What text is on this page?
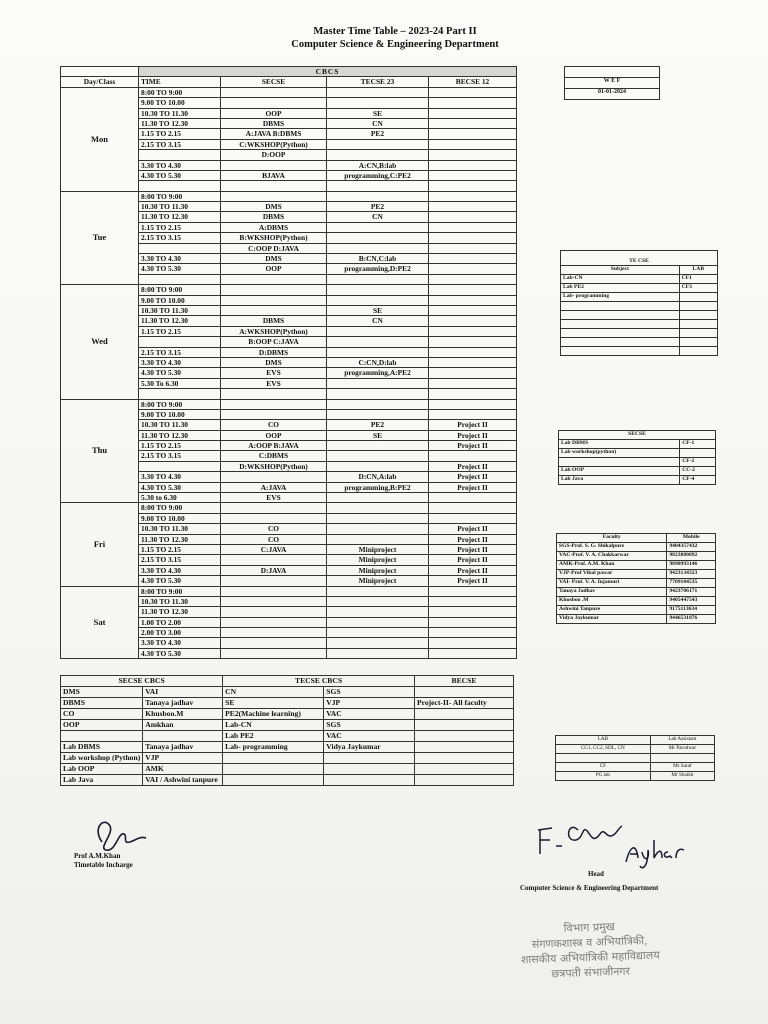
Master Time Table – 2023-24 Part II
Computer Science & Engineering Department
	CBCS			
Day/Class	TIME	SECSE	TECSE 23	BECSE 12
Mon	8:00 TO 9:00			
	9.00 TO 10.00			
	10.30 TO 11.30	OOP	SE	
	11.30 TO 12.30	DBMS	CN	
	1.15 TO 2.15	A:JAVA B:DBMS	PE2	
	2.15 TO 3.15	C:WKSHOP(Python)		
		D:OOP		
	3.30 TO 4.30		A:CN,B:lab	
	4.30 TO 5.30	BJAVA	programming,C:PE2	

Tue	8:00 TO 9:00			
	10.30 TO 11.30	DMS	PE2	
	11.30 TO 12.30	DBMS	CN	
	1.15 TO 2.15	A:DBMS		
	2.15 TO 3.15	B:WKSHOP(Python)		
		C:OOP D:JAVA		
	3.30 TO 4.30	DMS	B:CN,C:lab	
	4.30 TO 5.30	OOP	programming,D:PE2	

Wed	8:00 TO 9:00			
	9.00 TO 10.00			
	10.30 TO 11.30		SE	
	11.30 TO 12.30	DBMS	CN	
	1.15 TO 2.15	A:WKSHOP(Python)		
		B:OOP C:JAVA		
	2.15 TO 3.15	D:DBMS		
	3.30 TO 4.30	DMS	C:CN,D:lab	
	4.30 TO 5.30	EVS	programming,A:PE2	
	5.30 To 6.30	EVS		

Thu	8:00 TO 9:00			
	9.00 TO 10.00			
	10.30 TO 11.30	CO	PE2	Project II
	11.30 TO 12.30	OOP	SE	Project II
	1.15 TO 2.15	A:OOP B:JAVA		Project II
	2.15 TO 3.15	C:DBMS		
		D:WKSHOP(Python)		Project II
	3.30 TO 4.30		D:CN,A:lab	Project II
	4.30 TO 5.30	A:JAVA	programming,B:PE2	Project II
	5.30 to 6.30	EVS		
Fri	8:00 TO 9:00			
	9.00 TO 10.00			
	10.30 TO 11.30	CO		Project II
	11.30 TO 12.30	CO		Project II
	1.15 TO 2.15	C:JAVA	Miniproject	Project II
	2.15 TO 3.15		Miniproject	Project II
	3.30 TO 4.30	D:JAVA	Miniproject	Project II
	4.30 TO 5.30		Miniproject	Project II
Sat	8:00 TO 9:00			
	10.30 TO 11.30			
	11.30 TO 12.30			
	1.00 TO 2.00			
	2.00 TO 3.00			
	3.30 TO 4.30			
	4.30 TO 5.30			

W E F
01-01-2024
TE CSE	
Subject	LAB
Lab-CN	CF1
Lab PE2	CF3
Lab- programming	

SECSE	
Lab DBMS	CF-1
Lab workshop(python)	
	CF-2
Lab OOP	CC-2
Lab Java	CF-4
Faculty	Mobile
SGS-Prof. S. G. Shikalpure	9404357432
VAC-Prof. V. A. Chakkarwar	9823880892
AMK-Prof. A.M. Khan	9890993146
VJP-Prof Vikol pawar	9423134323
VAI- Prof. V. A. Injamuri	7709104535
Tanaya Jadhav	9423706171
Khusboo .M	9405447543
Ashwini Tanpure	9175113634
Vidya Jaykumar	9446531876
SECSE CBCS		TECSE CBCS		BECSE
DMS	VAI	CN	SGS	
DBMS	Tanaya jadhav	SE	VJP	Project-II- All faculty
CO	Khusboo.M	PE2(Machine learning)	VAC	
OOP	Amkhan	Lab-CN	SGS	
		Lab PE2	VAC	
Lab DBMS	Tanaya jadhav	Lab- programming	Vidya Jaykumar	
Lab workshop (Python)	VJP			
Lab OOP	AMK			
Lab Java	VAI / Ashwini tanpure			
LAB	Lab Assistant
CC1, CC2, SDL, CN	Mr Parodwar

CF	Mr Saraf
PG lab	Mr Shaikh
Prof A.M.Khan
Timetable Incharge
Head
Computer Science & Engineering Department
विभाग प्रमुख
संगणकशास्त्र व अभियांत्रिकी,
शासकीय अभियांत्रिकी महाविद्यालय
छत्रपती संभाजीनगर
